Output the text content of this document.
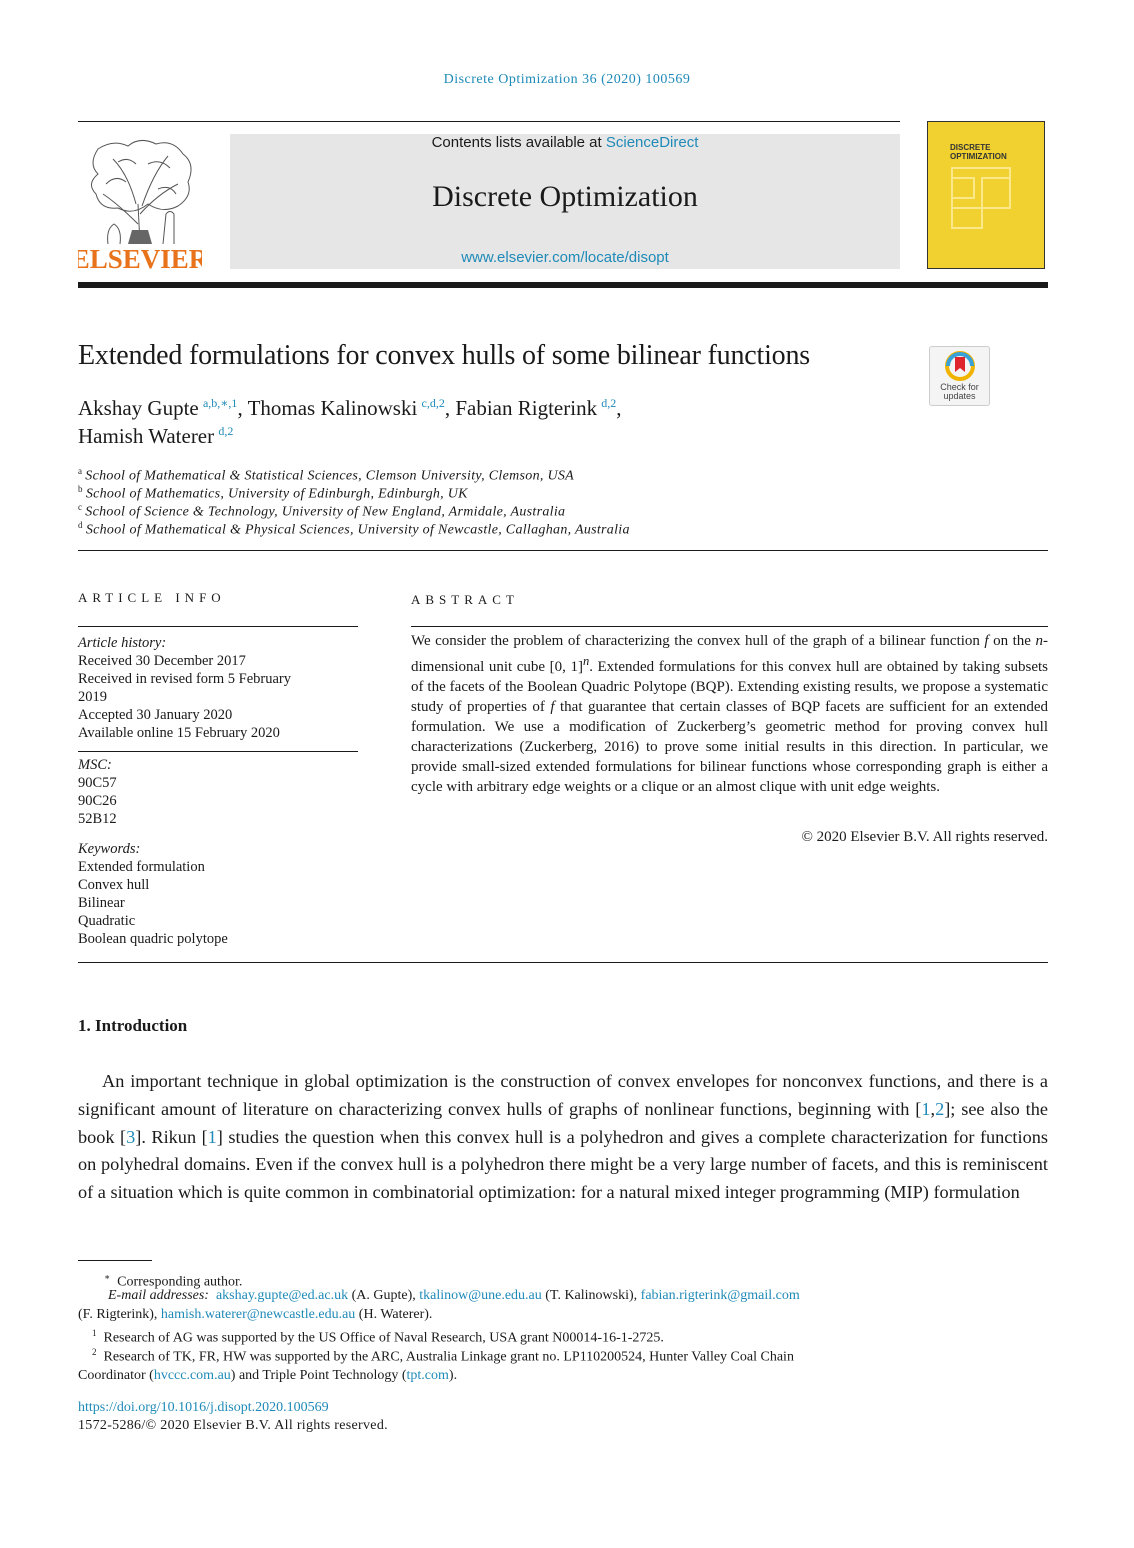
Discrete Optimization 36 (2020) 100569
ELSEVIER
Contents lists available at ScienceDirect
Discrete Optimization
www.elsevier.com/locate/disopt
DISCRETE
OPTIMIZATION
Extended formulations for convex hulls of some bilinear functions
Check for
updates
Akshay Gupte  $^{a,b,∗,1}$, Thomas Kalinowski  $^{c,d,2}$, Fabian Rigterink  $^{d,2}$,
Hamish Waterer  $^{d,2}$
$^a$ School of Mathematical & Statistical Sciences, Clemson University, Clemson, USA
$^b$ School of Mathematics, University of Edinburgh, Edinburgh, UK
$^c$ School of Science & Technology, University of New England, Armidale, Australia
$^d$ School of Mathematical & Physical Sciences, University of Newcastle, Callaghan, Australia
ARTICLE INFO
Article history:
Received 30 December 2017
Received in revised form 5 February
2019
Accepted 30 January 2020
Available online 15 February 2020
MSC:
90C57
90C26
52B12
Keywords:
Extended formulation
Convex hull
Bilinear
Quadratic
Boolean quadric polytope
ABSTRACT
We consider the problem of characterizing the convex hull of the graph of a bilinear function f on the n-dimensional unit cube [0, 1]$^n$. Extended formulations for this convex hull are obtained by taking subsets of the facets of the Boolean Quadric Polytope (BQP). Extending existing results, we propose a systematic study of properties of f that guarantee that certain classes of BQP facets are sufficient for an extended formulation. We use a modification of Zuckerberg’s geometric method for proving convex hull characterizations (Zuckerberg, 2016) to prove some initial results in this direction. In particular, we provide small-sized extended formulations for bilinear functions whose corresponding graph is either a cycle with arbitrary edge weights or a clique or an almost clique with unit edge weights.
© 2020 Elsevier B.V. All rights reserved.
1. Introduction
An important technique in global optimization is the construction of convex envelopes for nonconvex functions, and there is a significant amount of literature on characterizing convex hulls of graphs of nonlinear functions, beginning with [1,2]; see also the book [3]. Rikun [1] studies the question when this convex hull is a polyhedron and gives a complete characterization for functions on polyhedral domains. Even if the convex hull is a polyhedron there might be a very large number of facets, and this is reminiscent of a situation which is quite common in combinatorial optimization: for a natural mixed integer programming (MIP) formulation
∗ Corresponding author.
E-mail addresses: akshay.gupte@ed.ac.uk (A. Gupte), tkalinow@une.edu.au (T. Kalinowski), fabian.rigterink@gmail.com
(F. Rigterink), hamish.waterer@newcastle.edu.au (H. Waterer).
$^1$ Research of AG was supported by the US Office of Naval Research, USA grant N00014-16-1-2725.
$^2$ Research of TK, FR, HW was supported by the ARC, Australia Linkage grant no. LP110200524, Hunter Valley Coal Chain
Coordinator (hvccc.com.au) and Triple Point Technology (tpt.com).
https://doi.org/10.1016/j.disopt.2020.100569
1572-5286/© 2020 Elsevier B.V. All rights reserved.
